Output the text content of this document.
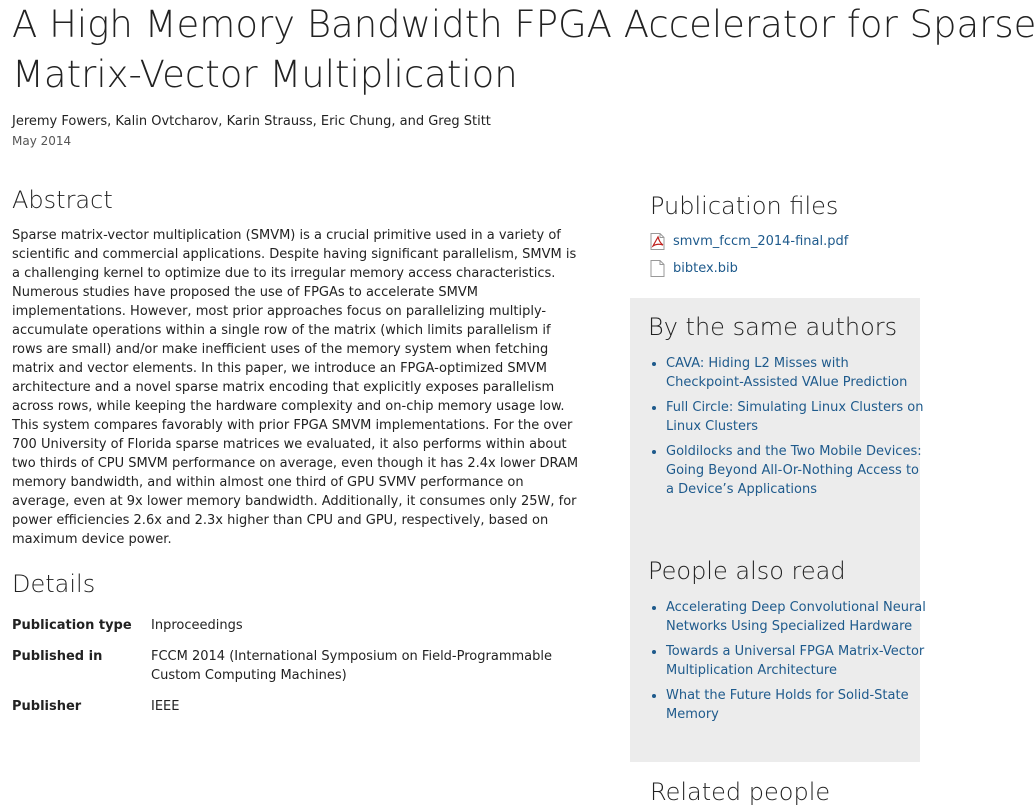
A High Memory Bandwidth FPGA Accelerator for Sparse
Matrix-Vector Multiplication
Jeremy Fowers, Kalin Ovtcharov, Karin Strauss, Eric Chung, and Greg Stitt
May 2014
Abstract

Sparse matrix-vector multiplication (SMVM) is a crucial primitive used in a variety of scientific and commercial applications. Despite having significant parallelism, SMVM is a challenging kernel to optimize due to its irregular memory access characteristics. Numerous studies have proposed the use of FPGAs to accelerate SMVM implementations. However, most prior approaches focus on parallelizing multiply-accumulate operations within a single row of the matrix (which limits parallelism if rows are small) and/or make inefficient uses of the memory system when fetching matrix and vector elements. In this paper, we introduce an FPGA-optimized SMVM architecture and a novel sparse matrix encoding that explicitly exposes parallelism across rows, while keeping the hardware complexity and on-chip memory usage low. This system compares favorably with prior FPGA SMVM implementations. For the over 700 University of Florida sparse matrices we evaluated, it also performs within about two thirds of CPU SMVM performance on average, even though it has 2.4x lower DRAM memory bandwidth, and within almost one third of GPU SVMV performance on average, even at 9x lower memory bandwidth. Additionally, it consumes only 25W, for power efficiencies 2.6x and 2.3x higher than CPU and GPU, respectively, based on maximum device power.

Details
Publication type	Inproceedings
Published in	FCCM 2014 (International Symposium on Field-Programmable Custom Computing Machines)
Publisher	IEEE
Publication files
smvm_fccm_2014-final.pdf
bibtex.bib
By the same authors
• CAVA: Hiding L2 Misses with Checkpoint-Assisted VAlue Prediction
• Full Circle: Simulating Linux Clusters on Linux Clusters
• Goldilocks and the Two Mobile Devices: Going Beyond All-Or-Nothing Access to a Device’s Applications
People also read
• Accelerating Deep Convolutional Neural Networks Using Specialized Hardware
• Towards a Universal FPGA Matrix-Vector Multiplication Architecture
• What the Future Holds for Solid-State Memory
Related people
